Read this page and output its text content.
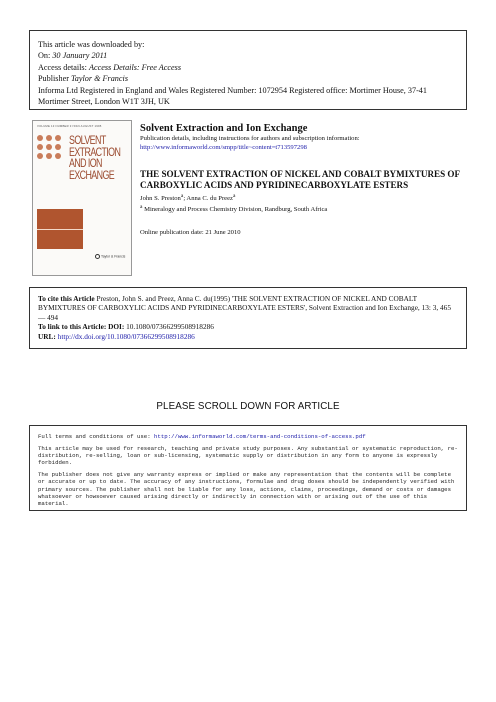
This article was downloaded by:
On: 30 January 2011
Access details: Access Details: Free Access
Publisher Taylor & Francis
Informa Ltd Registered in England and Wales Registered Number: 1072954 Registered office: Mortimer House, 37-41 Mortimer Street, London W1T 3JH, UK
VOLUME 13 NUMBER 3 ISSN AUGUST 1995
SOLVENT
EXTRACTION
AND ION
EXCHANGE
Taylor & Francis
Solvent Extraction and Ion Exchange
Publication details, including instructions for authors and subscription information:
http://www.informaworld.com/smpp/title~content=t713597298
THE SOLVENT EXTRACTION OF NICKEL AND COBALT BYMIXTURES OF CARBOXYLIC ACIDS AND PYRIDINECARBOXYLATE ESTERS
John S. Preston$^a$; Anna C. du Preez$^a$
$^a$ Mineralogy and Process Chemistry Division, Randburg, South Africa
Online publication date: 21 June 2010
To cite this Article Preston, John S. and Preez, Anna C. du(1995) 'THE SOLVENT EXTRACTION OF NICKEL AND COBALT BYMIXTURES OF CARBOXYLIC ACIDS AND PYRIDINECARBOXYLATE ESTERS', Solvent Extraction and Ion Exchange, 13: 3, 465 — 494
To link to this Article: DOI: 10.1080/07366299508918286
URL: http://dx.doi.org/10.1080/07366299508918286
PLEASE SCROLL DOWN FOR ARTICLE

Full terms and conditions of use: http://www.informaworld.com/terms-and-conditions-of-access.pdf

This article may be used for research, teaching and private study purposes. Any substantial or systematic reproduction, re-distribution, re-selling, loan or sub-licensing, systematic supply or distribution in any form to anyone is expressly forbidden.

The publisher does not give any warranty express or implied or make any representation that the contents will be complete or accurate or up to date. The accuracy of any instructions, formulae and drug doses should be independently verified with primary sources. The publisher shall not be liable for any loss, actions, claims, proceedings, demand or costs or damages whatsoever or howsoever caused arising directly or indirectly in connection with or arising out of the use of this material.
